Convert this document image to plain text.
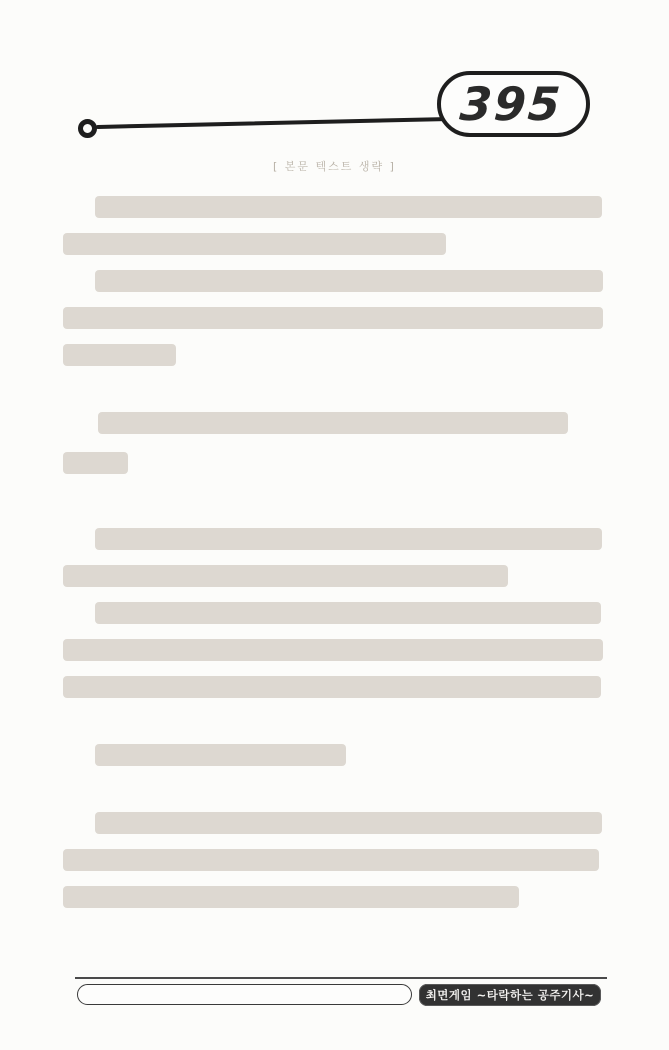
395
[ 본문 텍스트 생략 ]
최면게임 ~타락하는 공주기사~
